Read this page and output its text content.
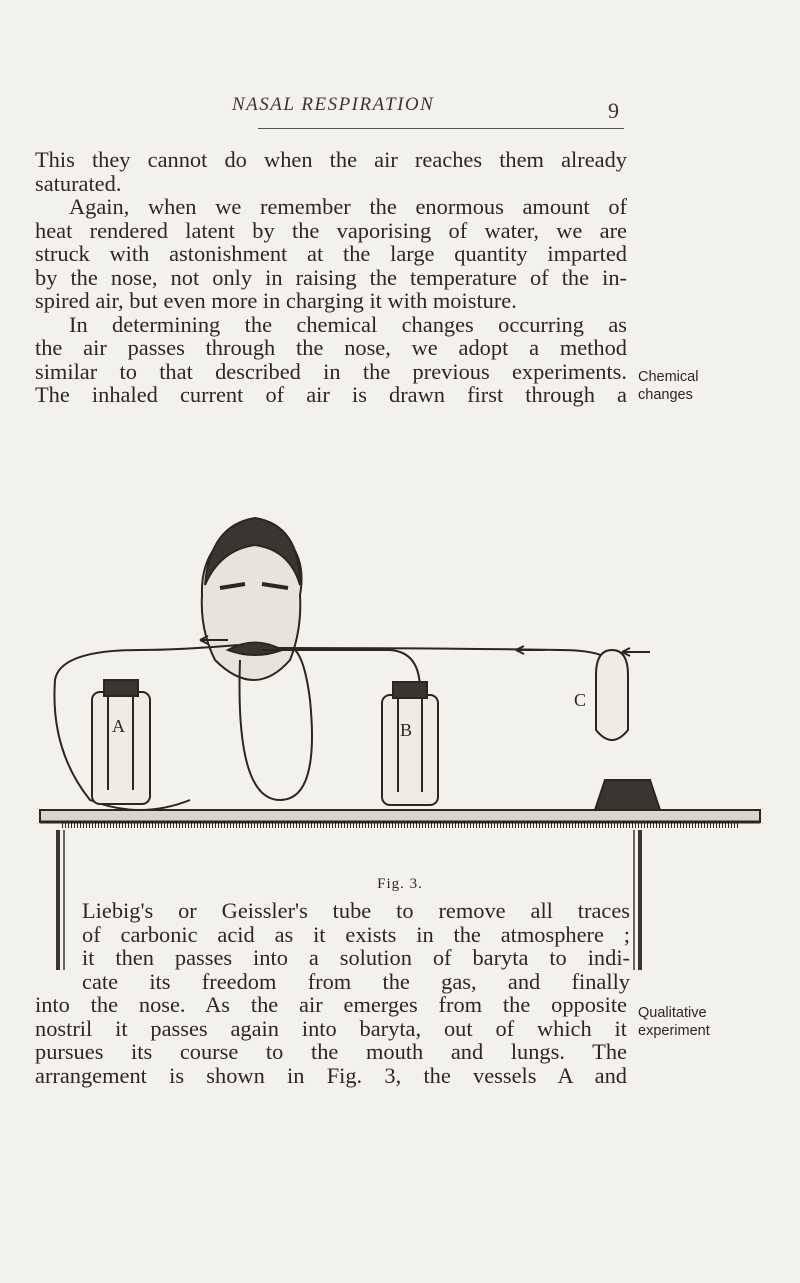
NASAL RESPIRATION	9
This they cannot do when the air reaches them already
saturated.
Again, when we remember the enormous amount of
heat rendered latent by the vaporising of water, we are
struck with astonishment at the large quantity imparted
by the nose, not only in raising the temperature of the in-
spired air, but even more in charging it with moisture.
In determining the chemical changes occurring as
the air passes through the nose, we adopt a method
similar to that described in the previous experiments.
The inhaled current of air is drawn first through a
Chemical
changes
A	B
C
Fig. 3.
Liebig's or Geissler's tube to remove all traces
of carbonic acid as it exists in the atmosphere ;
it then passes into a solution of baryta to indi-
cate its freedom from the gas, and finally
into the nose. As the air emerges from the opposite
nostril it passes again into baryta, out of which it
pursues its course to the mouth and lungs. The
arrangement is shown in Fig. 3, the vessels A and
Qualitative
experiment
